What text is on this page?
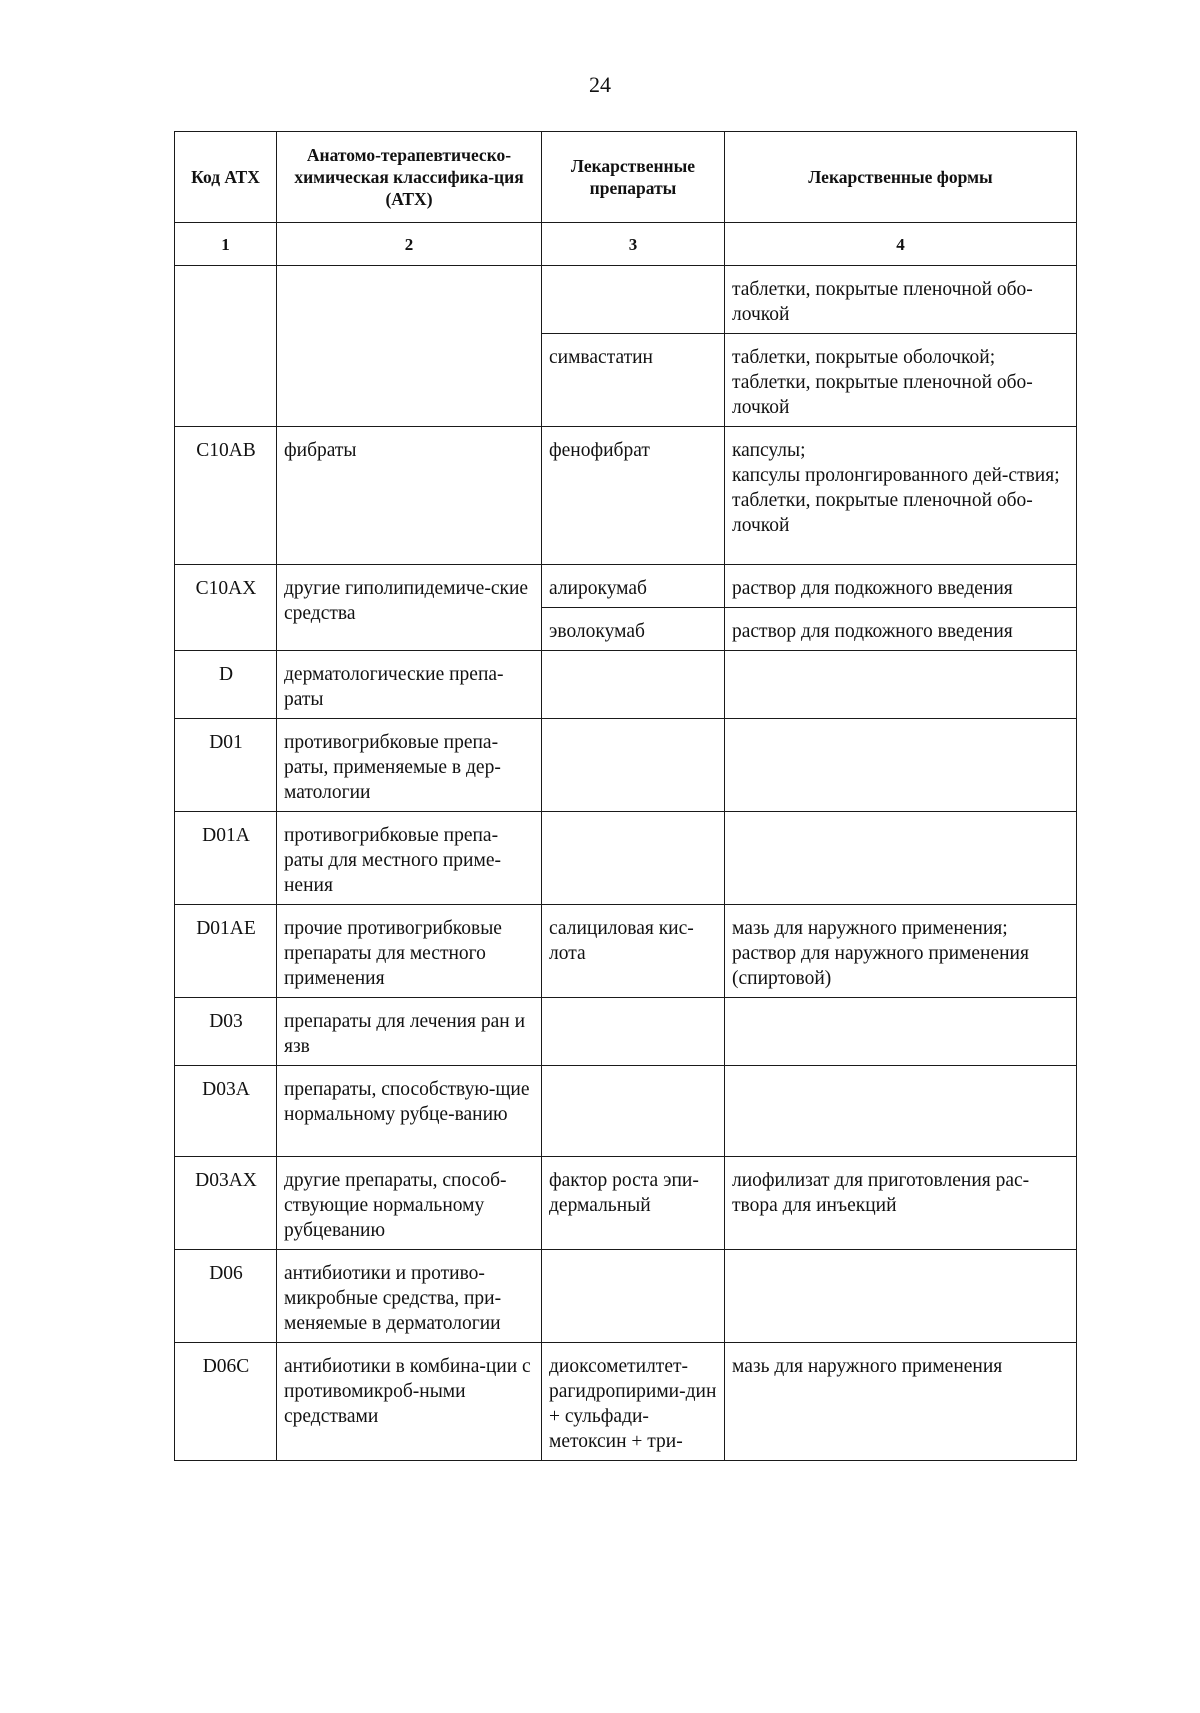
24
Код АТХ	Анатомо-терапевтическо-химическая классифика-ция (АТХ)	Лекарственные препараты	Лекарственные формы
1	2	3	4

			таблетки, покрытые пленочной обо-лочкой

		симвастатин	таблетки, покрытые оболочкой;
таблетки, покрытые пленочной обо-лочкой

C10AB	фибраты	фенофибрат	капсулы;
капсулы пролонгированного дей-ствия;
таблетки, покрытые пленочной обо-лочкой

C10AX	другие гиполипидемиче-ские средства	алирокумаб	раствор для подкожного введения

		эволокумаб	раствор для подкожного введения

D	дерматологические препа-раты		
D01	противогрибковые препа-раты, применяемые в дер-матологии		
D01A	противогрибковые препа-раты для местного приме-нения		
D01AE	прочие противогрибковые препараты для местного применения	салициловая кис-лота	мазь для наружного применения;
раствор для наружного применения (спиртовой)

D03	препараты для лечения ран и язв		
D03A	препараты, способствую-щие нормальному рубце-ванию		
D03AX	другие препараты, способ-ствующие нормальному рубцеванию	фактор роста эпи-дермальный	лиофилизат для приготовления рас-твора для инъекций

D06	антибиотики и противо-микробные средства, при-меняемые в дерматологии		
D06C	антибиотики в комбина-ции с противомикроб-ными средствами	диоксометилтет-рагидропирими-дин + сульфади-метоксин + три-	мазь для наружного применения
